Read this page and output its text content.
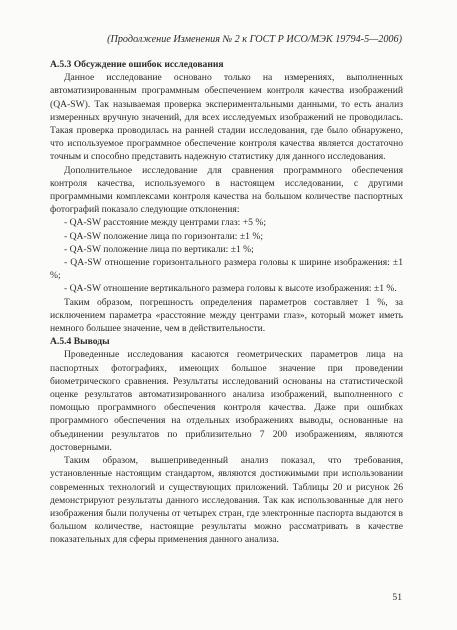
(Продолжение Изменения № 2 к ГОСТ Р ИСО/МЭК 19794-5—2006)
А.5.3 Обсуждение ошибок исследования

Данное исследование основано только на измерениях, выполненных автоматизированным программным обеспечением контроля качества изображений (QA-SW). Так называемая проверка экспериментальными данными, то есть анализ измеренных вручную значений, для всех исследуемых изображений не проводилась. Такая проверка проводилась на ранней стадии исследования, где было обнаружено, что используемое программное обеспечение контроля качества является достаточно точным и способно представить надежную статистику для данного исследования.

Дополнительное исследование для сравнения программного обеспечения контроля качества, используемого в настоящем исследовании, с другими программными комплексами контроля качества на большом количестве паспортных фотографий показало следующие отклонения:

- QA-SW расстояние между центрами глаз: +5 %;
- QA-SW положение лица по горизонтали: ±1 %;
- QA-SW положение лица по вертикали: ±1 %;
- QA-SW отношение горизонтального размера головы к ширине изображения: ±1 %;
- QA-SW отношение вертикального размера головы к высоте изображения: ±1 %.

Таким образом, погрешность определения параметров составляет 1 %, за исключением параметра «расстояние между центрами глаз», который может иметь немного большее значение, чем в действительности.

А.5.4 Выводы

Проведенные исследования касаются геометрических параметров лица на паспортных фотографиях, имеющих большое значение при проведении биометрического сравнения. Результаты исследований основаны на статистической оценке результатов автоматизированного анализа изображений, выполненного с помощью программного обеспечения контроля качества. Даже при ошибках программного обеспечения на отдельных изображениях выводы, основанные на объединении результатов по приблизительно 7 200 изображениям, являются достоверными.

Таким образом, вышеприведенный анализ показал, что требования, установленные настоящим стандартом, являются достижимыми при использовании современных технологий и существующих приложений. Таблицы 20 и рисунок 26 демонстрируют результаты данного исследования. Так как использованные для него изображения были получены от четырех стран, где электронные паспорта выдаются в большом количестве, настоящие результаты можно рассматривать в качестве показательных для сферы применения данного анализа.

51
